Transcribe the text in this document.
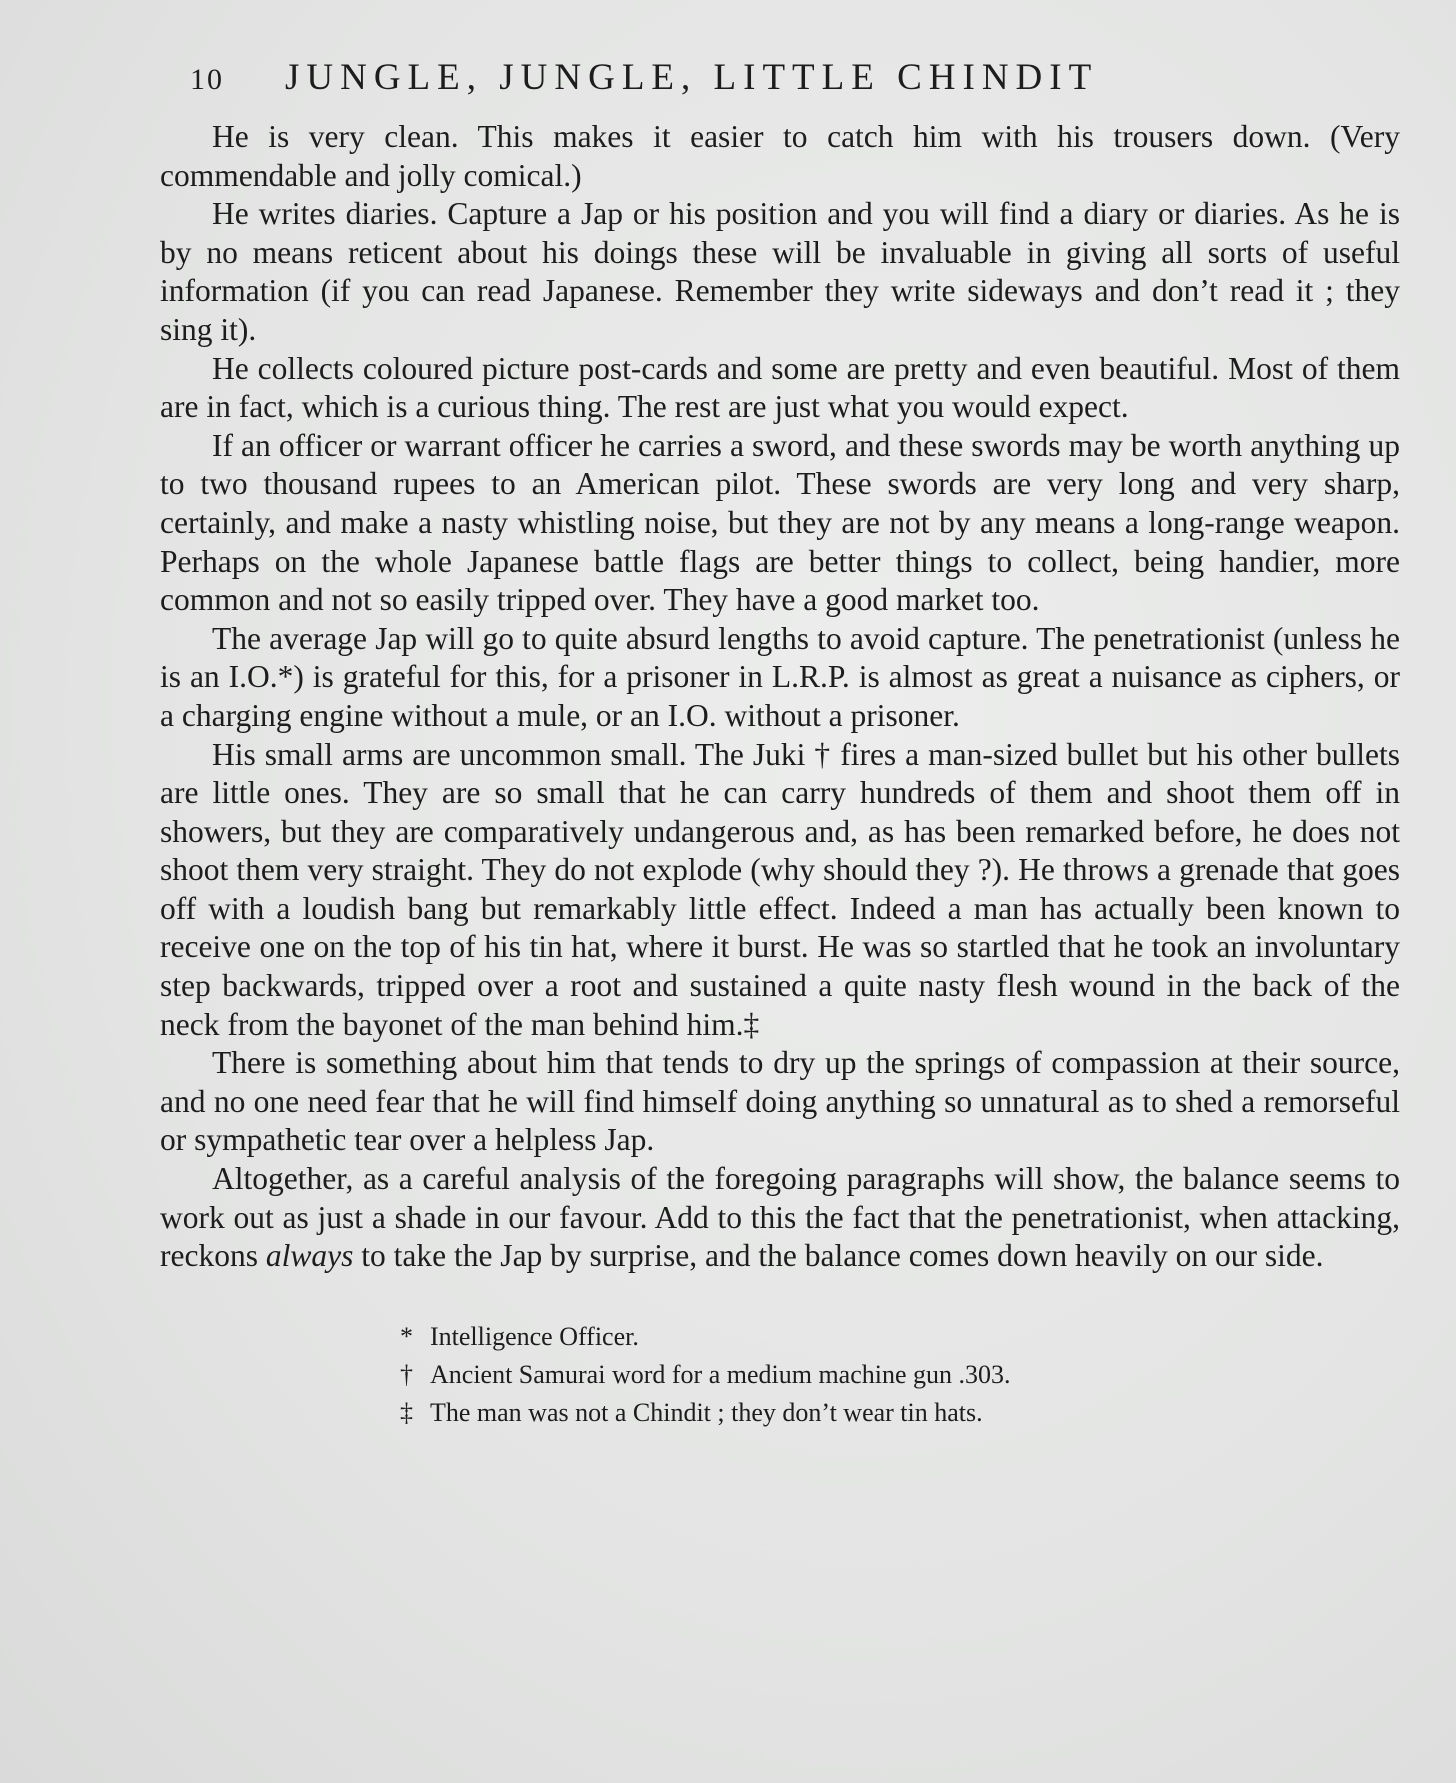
10	JUNGLE, JUNGLE, LITTLE CHINDIT

He is very clean. This makes it easier to catch him with his trousers down. (Very commendable and jolly comical.)

He writes diaries. Capture a Jap or his position and you will find a diary or diaries. As he is by no means reticent about his doings these will be invaluable in giving all sorts of useful information (if you can read Japanese. Remember they write sideways and don’t read it ; they sing it).

He collects coloured picture post-cards and some are pretty and even beautiful. Most of them are in fact, which is a curious thing. The rest are just what you would expect.

If an officer or warrant officer he carries a sword, and these swords may be worth anything up to two thousand rupees to an American pilot. These swords are very long and very sharp, certainly, and make a nasty whistling noise, but they are not by any means a long-range weapon. Perhaps on the whole Japanese battle flags are better things to collect, being handier, more common and not so easily tripped over. They have a good market too.

The average Jap will go to quite absurd lengths to avoid capture. The penetrationist (unless he is an I.O.*) is grateful for this, for a prisoner in L.R.P. is almost as great a nuisance as ciphers, or a charging engine without a mule, or an I.O. without a prisoner.

His small arms are uncommon small. The Juki † fires a man-sized bullet but his other bullets are little ones. They are so small that he can carry hundreds of them and shoot them off in showers, but they are comparatively undangerous and, as has been remarked before, he does not shoot them very straight. They do not explode (why should they ?). He throws a grenade that goes off with a loudish bang but remarkably little effect. Indeed a man has actually been known to receive one on the top of his tin hat, where it burst. He was so startled that he took an involuntary step backwards, tripped over a root and sustained a quite nasty flesh wound in the back of the neck from the bayonet of the man behind him.‡

There is something about him that tends to dry up the springs of compassion at their source, and no one need fear that he will find himself doing anything so unnatural as to shed a remorseful or sympathetic tear over a helpless Jap.

Altogether, as a careful analysis of the foregoing paragraphs will show, the balance seems to work out as just a shade in our favour. Add to this the fact that the penetrationist, when attacking, reckons always to take the Jap by surprise, and the balance comes down heavily on our side.

* Intelligence Officer.
† Ancient Samurai word for a medium machine gun .303.
‡ The man was not a Chindit ; they don’t wear tin hats.
